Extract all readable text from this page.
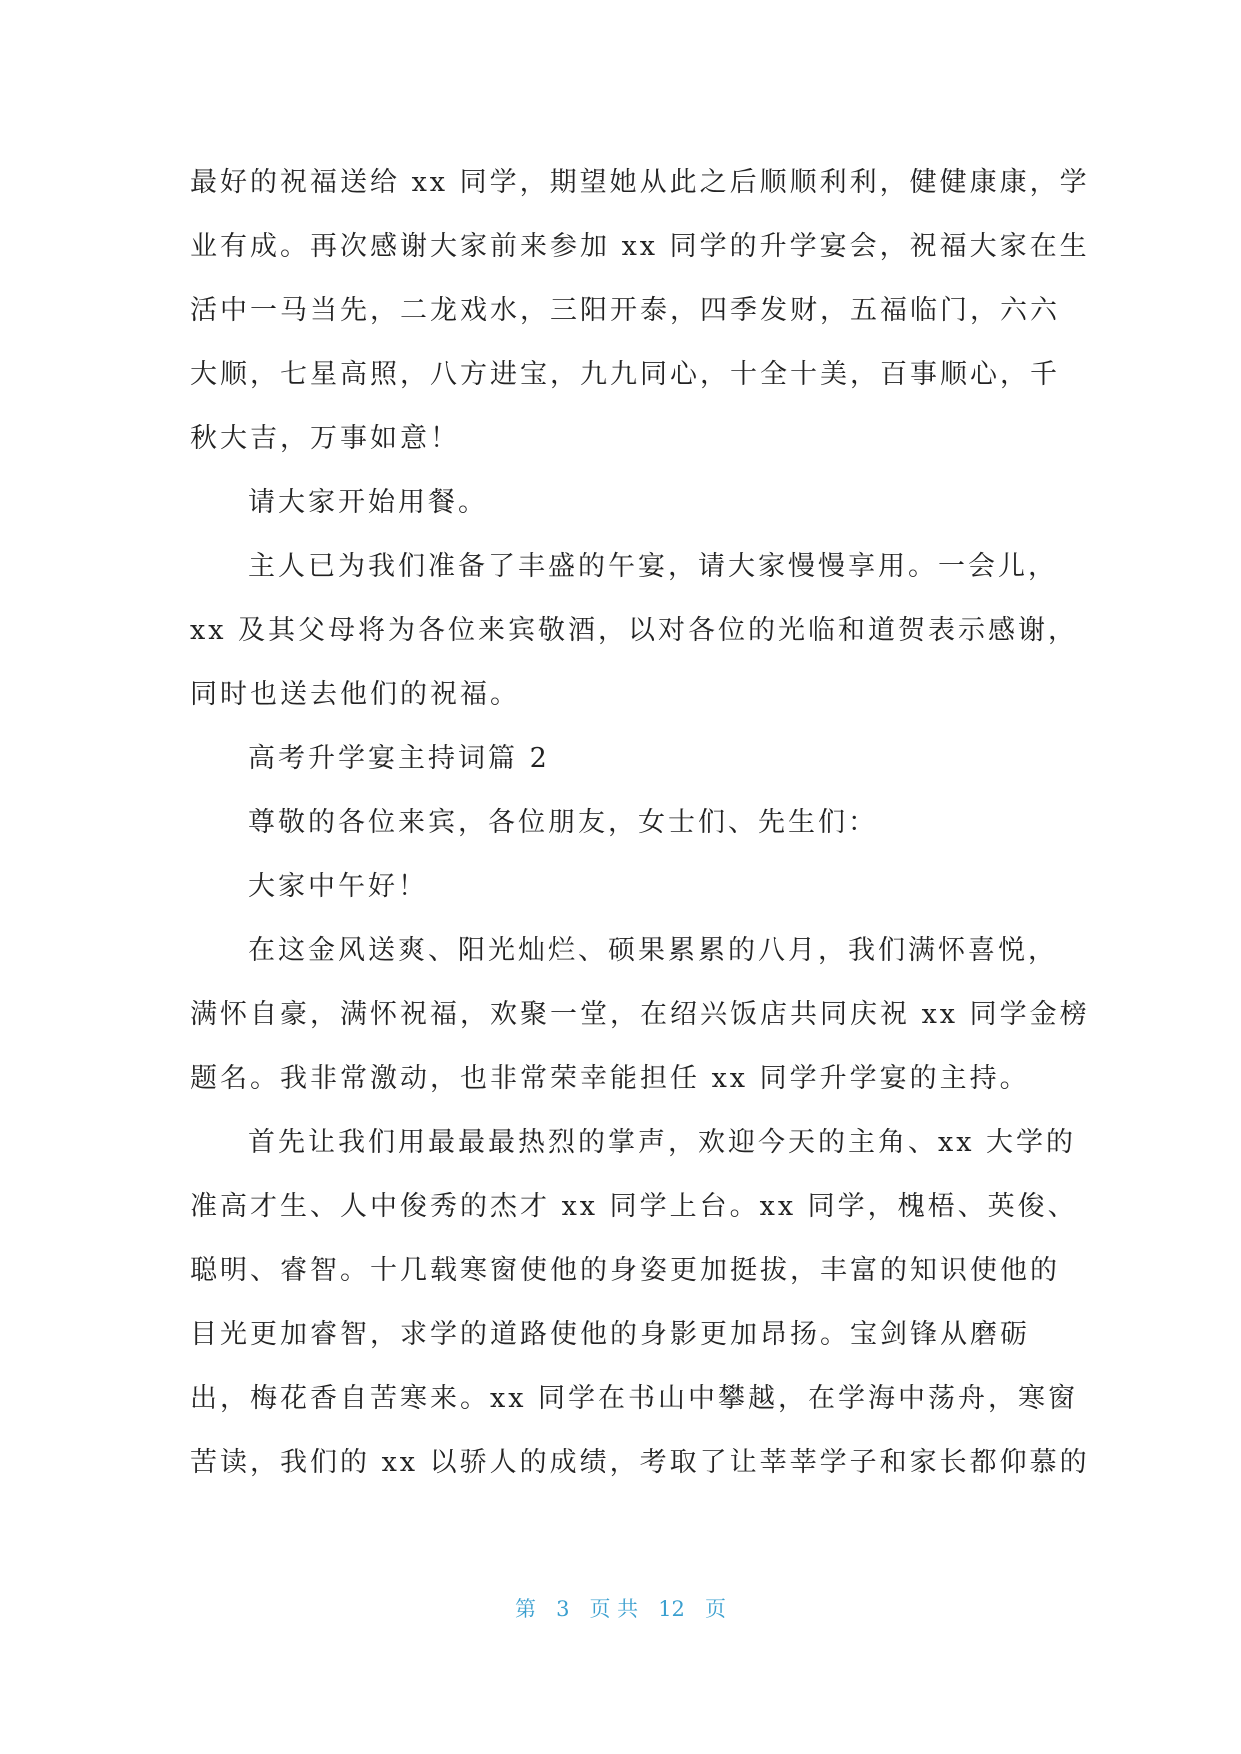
最好的祝福送给 xx 同学，期望她从此之后顺顺利利，健健康康，学
业有成。再次感谢大家前来参加 xx 同学的升学宴会，祝福大家在生
活中一马当先，二龙戏水，三阳开泰，四季发财，五福临门，六六
大顺，七星高照，八方进宝，九九同心，十全十美，百事顺心，千
秋大吉，万事如意！
请大家开始用餐。
主人已为我们准备了丰盛的午宴，请大家慢慢享用。一会儿，
xx 及其父母将为各位来宾敬酒，以对各位的光临和道贺表示感谢，
同时也送去他们的祝福。
高考升学宴主持词篇 2
尊敬的各位来宾，各位朋友，女士们、先生们：
大家中午好！
在这金风送爽、阳光灿烂、硕果累累的八月，我们满怀喜悦，
满怀自豪，满怀祝福，欢聚一堂，在绍兴饭店共同庆祝 xx 同学金榜
题名。我非常激动，也非常荣幸能担任 xx 同学升学宴的主持。
首先让我们用最最最热烈的掌声，欢迎今天的主角、xx 大学的
准高才生、人中俊秀的杰才 xx 同学上台。xx 同学，槐梧、英俊、
聪明、睿智。十几载寒窗使他的身姿更加挺拔，丰富的知识使他的
目光更加睿智，求学的道路使他的身影更加昂扬。宝剑锋从磨砺
出，梅花香自苦寒来。xx 同学在书山中攀越，在学海中荡舟，寒窗
苦读，我们的 xx 以骄人的成绩，考取了让莘莘学子和家长都仰慕的
第 3 页 共 12 页
